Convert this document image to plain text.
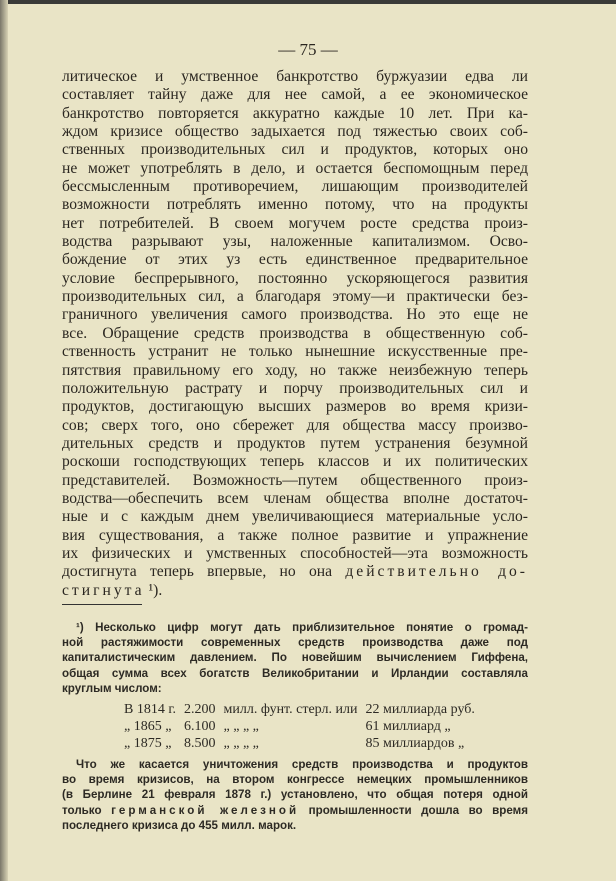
— 75 —
литическое и умственное банкротство буржуазии едва ли
составляет тайну даже для нее самой, а ее экономическое
банкротство повторяется аккуратно каждые 10 лет. При ка-
ждом кризисе общество задыхается под тяжестью своих соб-
ственных производительных сил и продуктов, которых оно
не может употреблять в дело, и остается беспомощным перед
бессмысленным противоречием, лишающим производителей
возможности потреблять именно потому, что на продукты
нет потребителей. В своем могучем росте средства произ-
водства разрывают узы, наложенные капитализмом. Осво-
бождение от этих уз есть единственное предварительное
условие беспрерывного, постоянно ускоряющегося развития
производительных сил, а благодаря этому—и практически без-
граничного увеличения самого производства. Но это еще не
все. Обращение средств производства в общественную соб-
ственность устранит не только нынешние искусственные пре-
пятствия правильному его ходу, но также неизбежную теперь
положительную растрату и порчу производительных сил и
продуктов, достигающую высших размеров во время кризи-
сов; сверх того, оно сбережет для общества массу произво-
дительных средств и продуктов путем устранения безумной
роскоши господствующих теперь классов и их политических
представителей. Возможность—путем общественного произ-
водства—обеспечить всем членам общества вполне достаточ-
ные и с каждым днем увеличивающиеся материальные усло-
вия существования, а также полное развитие и упражнение
их физических и умственных способностей—эта возможность
достигнута теперь впервые, но она действительно до-
стигнута ¹).
¹) Несколько цифр могут дать приблизительное понятие о громад-
ной растяжимости современных средств производства даже под
капиталистическим давлением. По новейшим вычислением Гиффена,
общая сумма всех богатств Великобритании и Ирландии составляла
круглым числом:
В 1814 г.	2.200	милл. фунт. стерл. или	22 миллиарда руб.
„ 1865 „	6.100	„ „ „ „	61 миллиард „
„ 1875 „	8.500	„ „ „ „	85 миллиардов „
Что же касается уничтожения средств производства и продуктов
во время кризисов, на втором конгрессе немецких промышленников
(в Берлине 21 февраля 1878 г.) установлено, что общая потеря одной
только германской железной промышленности дошла во время
последнего кризиса до 455 милл. марок.
